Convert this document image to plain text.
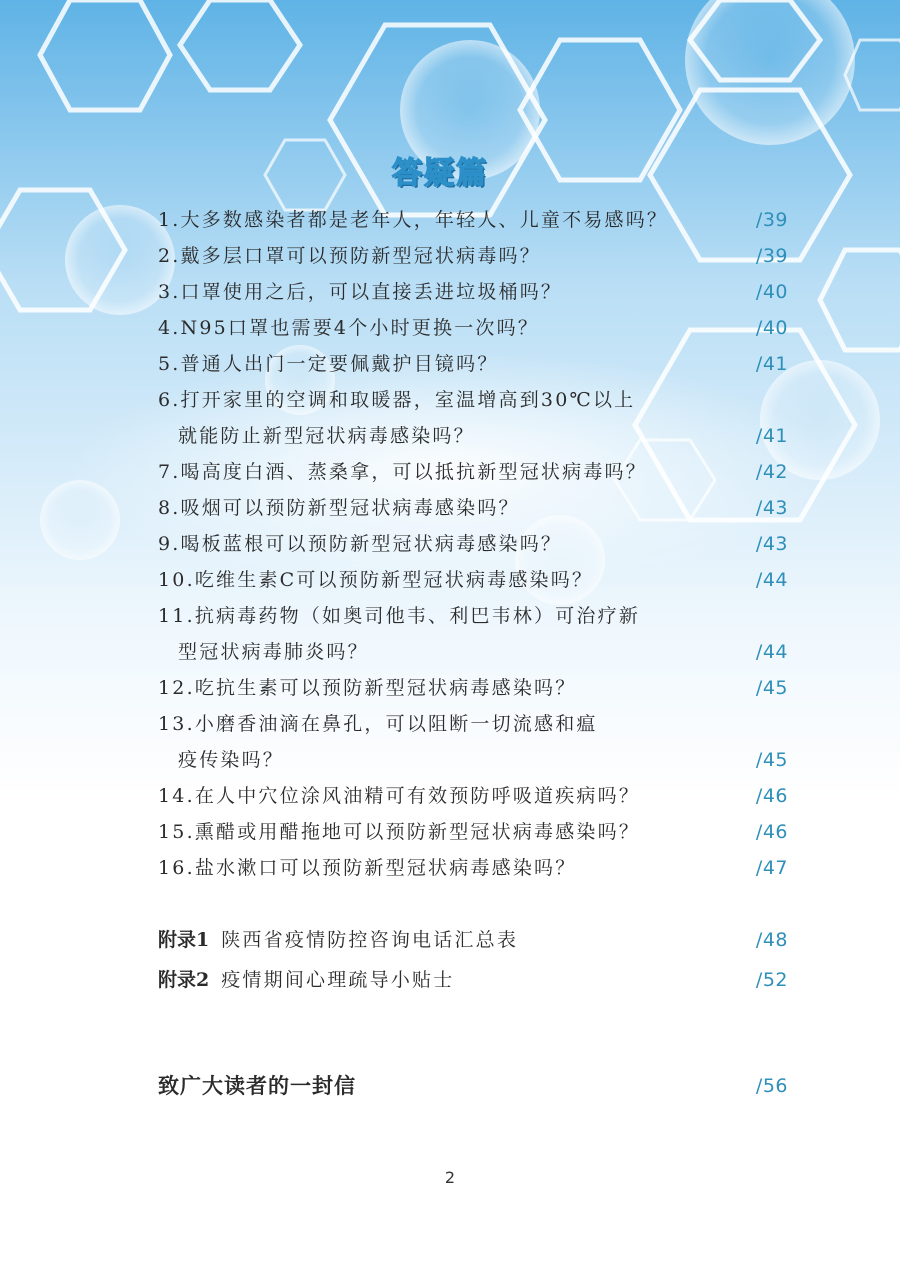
答疑篇
1.大多数感染者都是老年人，年轻人、儿童不易感吗？	/39
2.戴多层口罩可以预防新型冠状病毒吗？	/39
3.口罩使用之后，可以直接丢进垃圾桶吗？	/40
4.N95口罩也需要4个小时更换一次吗？	/40
5.普通人出门一定要佩戴护目镜吗？	/41
6.打开家里的空调和取暖器，室温增高到30℃以上
就能防止新型冠状病毒感染吗？	/41
7.喝高度白酒、蒸桑拿，可以抵抗新型冠状病毒吗？	/42
8.吸烟可以预防新型冠状病毒感染吗？	/43
9.喝板蓝根可以预防新型冠状病毒感染吗？	/43
10.吃维生素C可以预防新型冠状病毒感染吗？	/44
11.抗病毒药物（如奥司他韦、利巴韦林）可治疗新
型冠状病毒肺炎吗？	/44
12.吃抗生素可以预防新型冠状病毒感染吗？	/45
13.小磨香油滴在鼻孔，可以阻断一切流感和瘟
疫传染吗？	/45
14.在人中穴位涂风油精可有效预防呼吸道疾病吗？	/46
15.熏醋或用醋拖地可以预防新型冠状病毒感染吗？	/46
16.盐水漱口可以预防新型冠状病毒感染吗？	/47
附录1 陕西省疫情防控咨询电话汇总表	/48
附录2 疫情期间心理疏导小贴士	/52
致广大读者的一封信	/56
2
